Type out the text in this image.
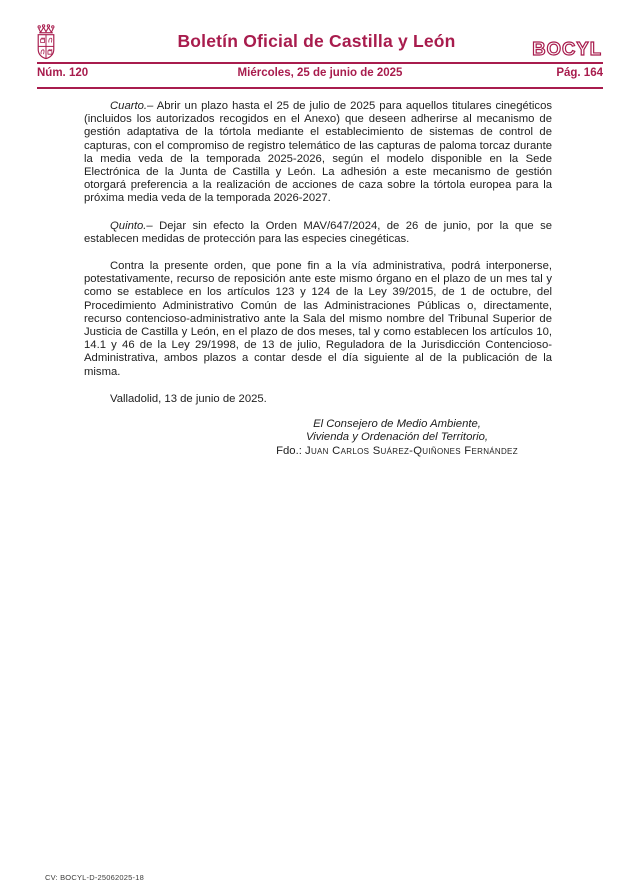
Boletín Oficial de Castilla y León	BOCYL
Núm. 120	Miércoles, 25 de junio de 2025	Pág. 164

Cuarto.– Abrir un plazo hasta el 25 de julio de 2025 para aquellos titulares cinegéticos (incluidos los autorizados recogidos en el Anexo) que deseen adherirse al mecanismo de gestión adaptativa de la tórtola mediante el establecimiento de sistemas de control de capturas, con el compromiso de registro telemático de las capturas de paloma torcaz durante la media veda de la temporada 2025-2026, según el modelo disponible en la Sede Electrónica de la Junta de Castilla y León. La adhesión a este mecanismo de gestión otorgará preferencia a la realización de acciones de caza sobre la tórtola europea para la próxima media veda de la temporada 2026-2027.

Quinto.– Dejar sin efecto la Orden MAV/647/2024, de 26 de junio, por la que se establecen medidas de protección para las especies cinegéticas.

Contra la presente orden, que pone fin a la vía administrativa, podrá interponerse, potestativamente, recurso de reposición ante este mismo órgano en el plazo de un mes tal y como se establece en los artículos 123 y 124 de la Ley 39/2015, de 1 de octubre, del Procedimiento Administrativo Común de las Administraciones Públicas o, directamente, recurso contencioso-administrativo ante la Sala del mismo nombre del Tribunal Superior de Justicia de Castilla y León, en el plazo de dos meses, tal y como establecen los artículos 10, 14.1 y 46 de la Ley 29/1998, de 13 de julio, Reguladora de la Jurisdicción Contencioso-Administrativa, ambos plazos a contar desde el día siguiente al de la publicación de la misma.

Valladolid, 13 de junio de 2025.

El Consejero de Medio Ambiente,
Vivienda y Ordenación del Territorio,
Fdo.: Juan Carlos Suárez-Quiñones Fernández
CV: BOCYL-D-25062025-18
